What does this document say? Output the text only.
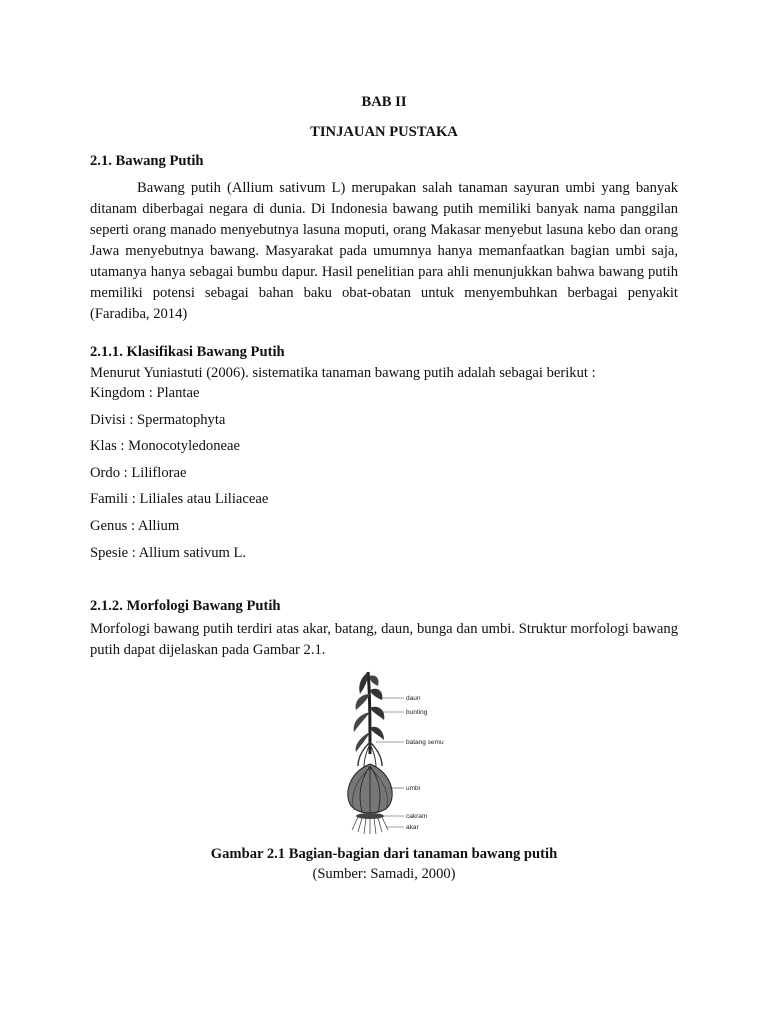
BAB II
TINJAUAN PUSTAKA
2.1. Bawang Putih

Bawang putih (Allium sativum L) merupakan salah tanaman sayuran umbi yang banyak ditanam diberbagai negara di dunia. Di Indonesia bawang putih memiliki banyak nama panggilan seperti orang manado menyebutnya lasuna moputi, orang Makasar menyebut lasuna kebo dan orang Jawa menyebutnya bawang. Masyarakat pada umumnya hanya memanfaatkan bagian umbi saja, utamanya hanya sebagai bumbu dapur. Hasil penelitian para ahli menunjukkan bahwa bawang putih memiliki potensi sebagai bahan baku obat-obatan untuk menyembuhkan berbagai penyakit (Faradiba, 2014)

2.1.1. Klasifikasi Bawang Putih
Menurut Yuniastuti (2006). sistematika tanaman bawang putih adalah sebagai berikut :
Kingdom : Plantae
Divisi : Spermatophyta
Klas : Monocotyledoneae
Ordo : Liliflorae
Famili : Liliales atau Liliaceae
Genus : Allium
Spesie : Allium sativum L.
2.1.2. Morfologi Bawang Putih

Morfologi bawang putih terdiri atas akar, batang, daun, bunga dan umbi. Struktur morfologi bawang putih dapat dijelaskan pada Gambar 2.1.

daun
bunting
batang semu
umbi
cakram
akar
Gambar 2.1 Bagian-bagian dari tanaman bawang putih
(Sumber: Samadi, 2000)
